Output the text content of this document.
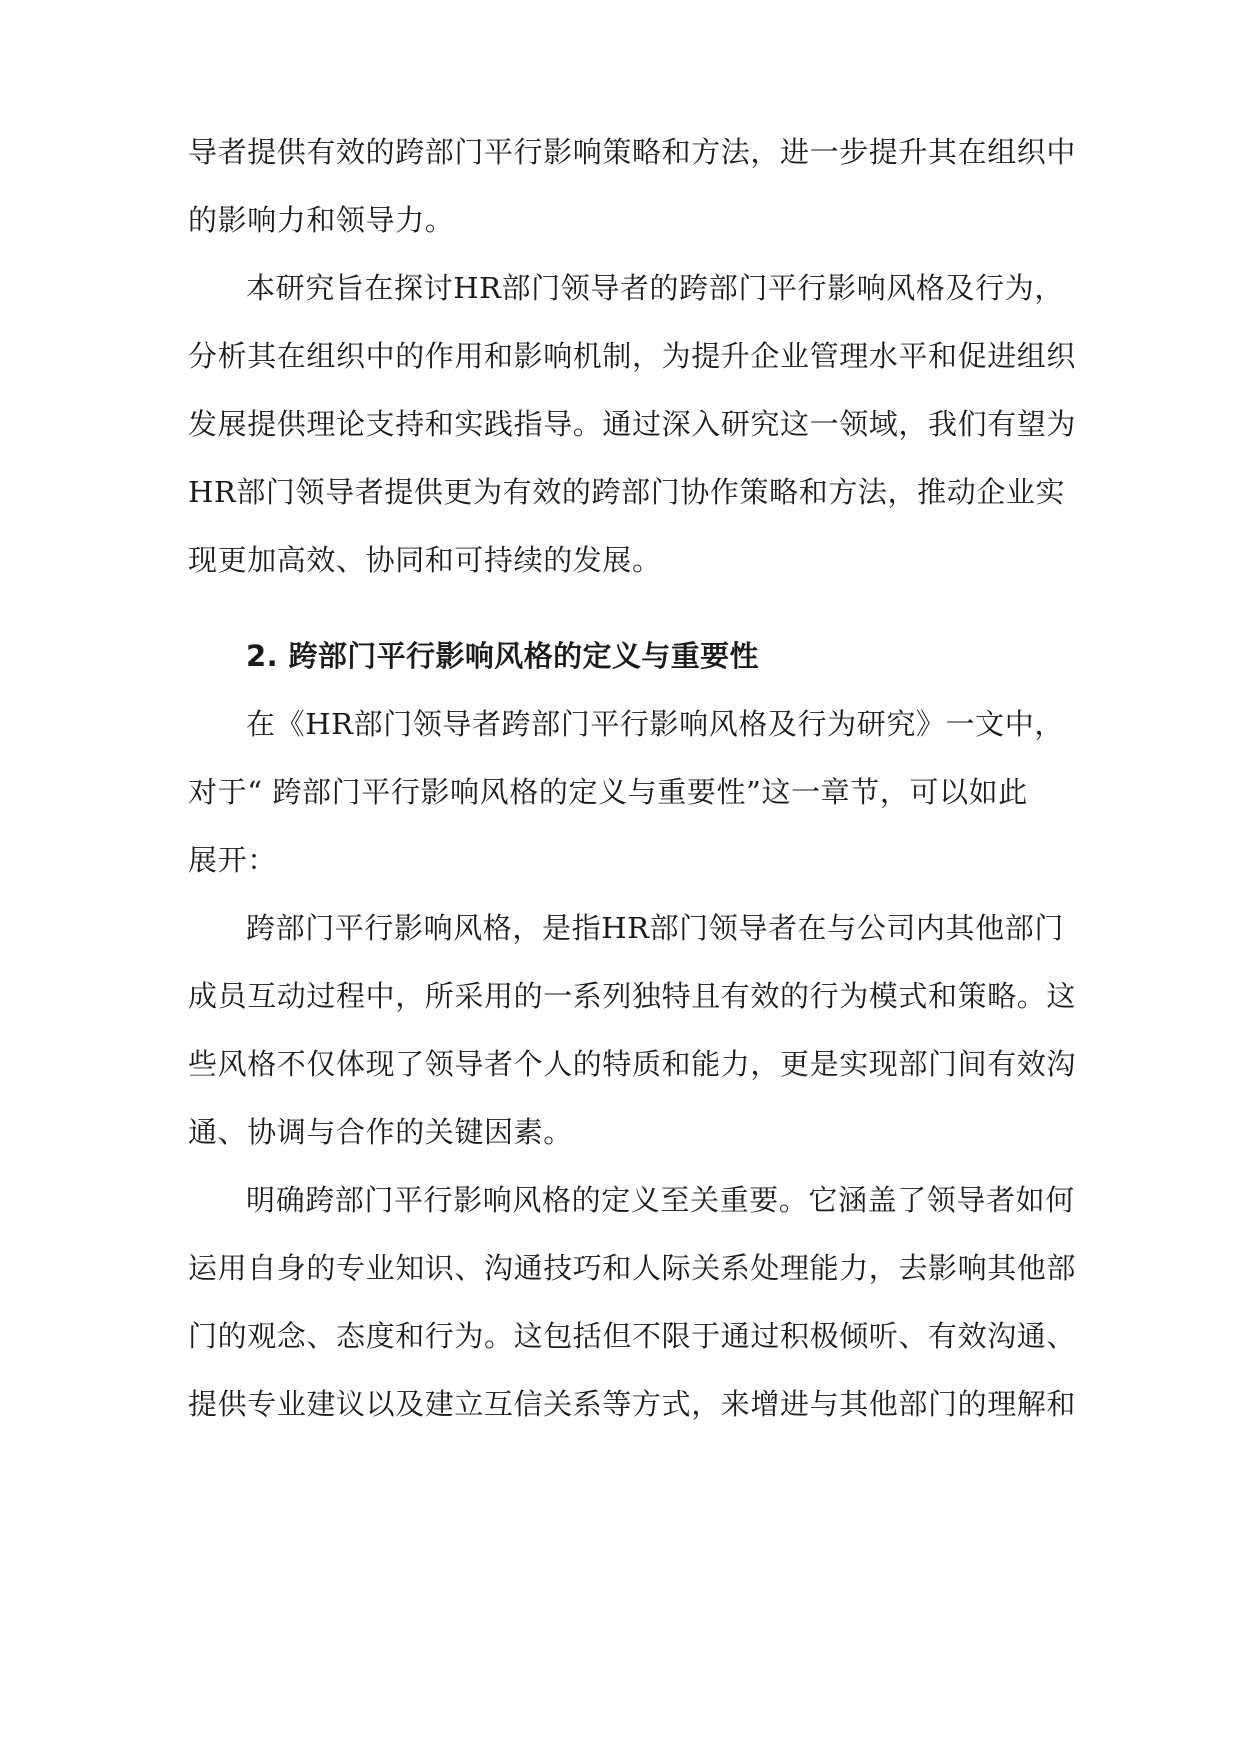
导者提供有效的跨部门平行影响策略和方法，进一步提升其在组织中
的影响力和领导力。
本研究旨在探讨HR部门领导者的跨部门平行影响风格及行为，
分析其在组织中的作用和影响机制，为提升企业管理水平和促进组织
发展提供理论支持和实践指导。通过深入研究这一领域，我们有望为
HR部门领导者提供更为有效的跨部门协作策略和方法，推动企业实
现更加高效、协同和可持续的发展。
2. 跨部门平行影响风格的定义与重要性
在《HR部门领导者跨部门平行影响风格及行为研究》一文中，
对于“ 跨部门平行影响风格的定义与重要性”这一章节，可以如此
展开：
跨部门平行影响风格，是指HR部门领导者在与公司内其他部门
成员互动过程中，所采用的一系列独特且有效的行为模式和策略。这
些风格不仅体现了领导者个人的特质和能力，更是实现部门间有效沟
通、协调与合作的关键因素。
明确跨部门平行影响风格的定义至关重要。它涵盖了领导者如何
运用自身的专业知识、沟通技巧和人际关系处理能力，去影响其他部
门的观念、态度和行为。这包括但不限于通过积极倾听、有效沟通、
提供专业建议以及建立互信关系等方式，来增进与其他部门的理解和
